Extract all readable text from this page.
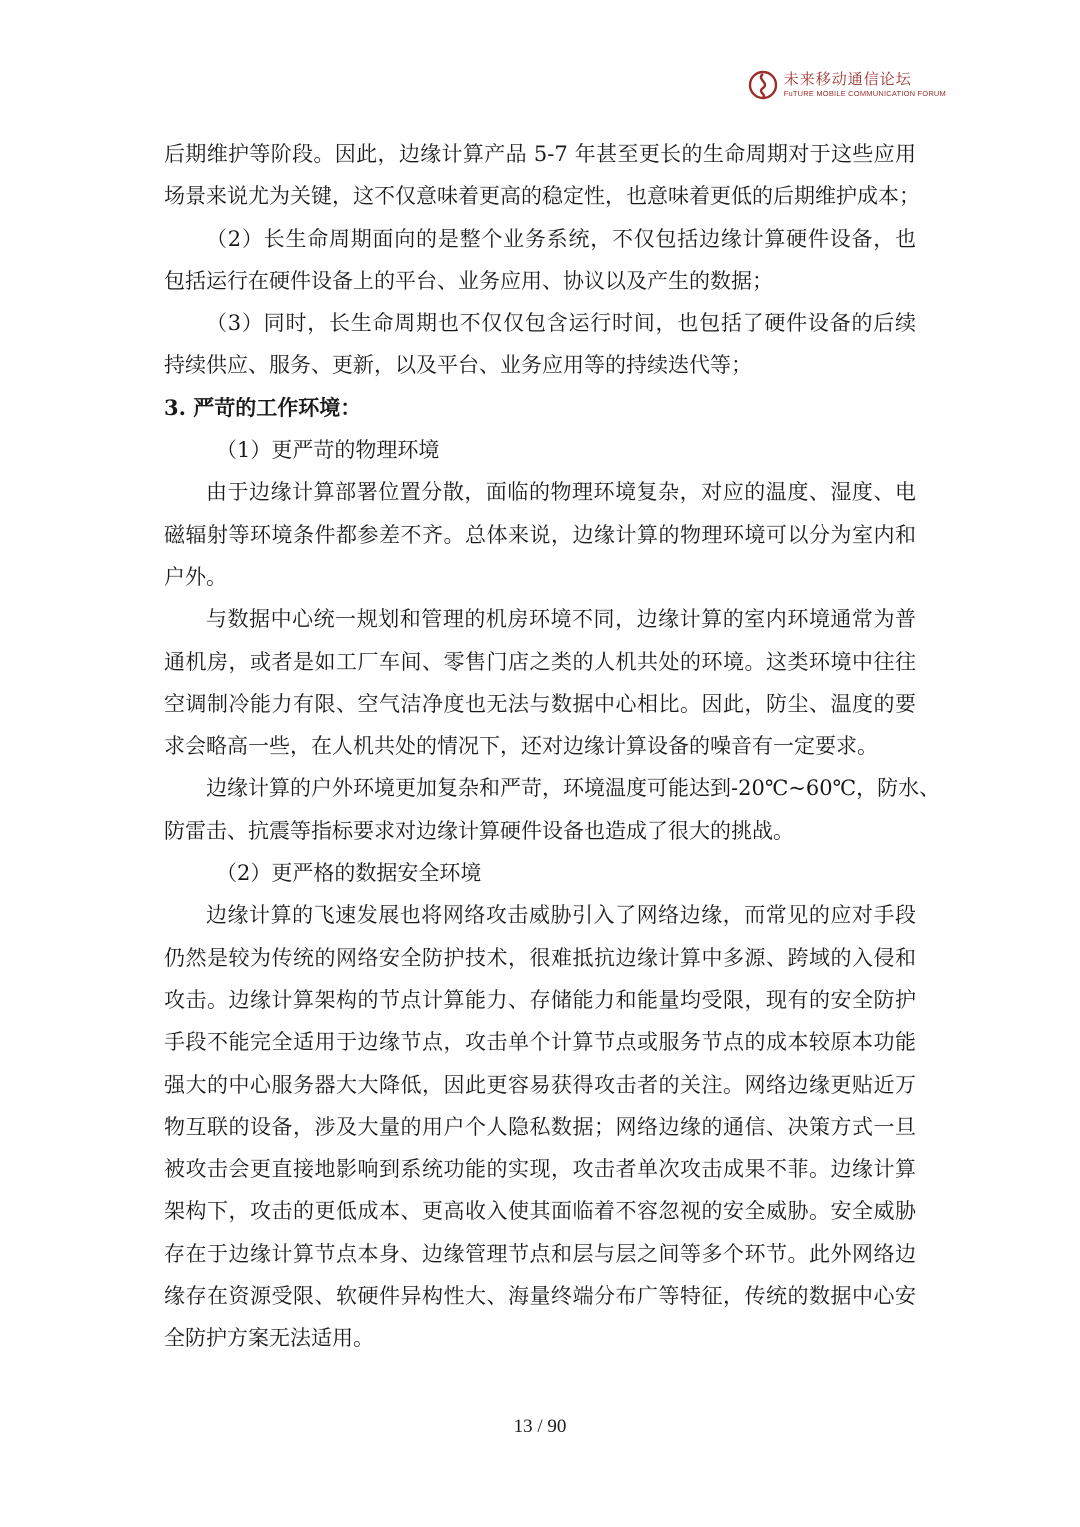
未来移动通信论坛
FuTURE MOBILE COMMUNICATION FORUM

后期维护等阶段。因此，边缘计算产品 5-7 年甚至更长的生命周期对于这些应用

场景来说尤为关键，这不仅意味着更高的稳定性，也意味着更低的后期维护成本；

（2）长生命周期面向的是整个业务系统，不仅包括边缘计算硬件设备，也

包括运行在硬件设备上的平台、业务应用、协议以及产生的数据；

（3）同时，长生命周期也不仅仅包含运行时间，也包括了硬件设备的后续

持续供应、服务、更新，以及平台、业务应用等的持续迭代等；

3. 严苛的工作环境：

（1）更严苛的物理环境

由于边缘计算部署位置分散，面临的物理环境复杂，对应的温度、湿度、电

磁辐射等环境条件都参差不齐。总体来说，边缘计算的物理环境可以分为室内和

户外。

与数据中心统一规划和管理的机房环境不同，边缘计算的室内环境通常为普

通机房，或者是如工厂车间、零售门店之类的人机共处的环境。这类环境中往往

空调制冷能力有限、空气洁净度也无法与数据中心相比。因此，防尘、温度的要

求会略高一些，在人机共处的情况下，还对边缘计算设备的噪音有一定要求。

边缘计算的户外环境更加复杂和严苛，环境温度可能达到-20℃~60℃，防水、

防雷击、抗震等指标要求对边缘计算硬件设备也造成了很大的挑战。

（2）更严格的数据安全环境

边缘计算的飞速发展也将网络攻击威胁引入了网络边缘，而常见的应对手段

仍然是较为传统的网络安全防护技术，很难抵抗边缘计算中多源、跨域的入侵和

攻击。边缘计算架构的节点计算能力、存储能力和能量均受限，现有的安全防护

手段不能完全适用于边缘节点，攻击单个计算节点或服务节点的成本较原本功能

强大的中心服务器大大降低，因此更容易获得攻击者的关注。网络边缘更贴近万

物互联的设备，涉及大量的用户个人隐私数据；网络边缘的通信、决策方式一旦

被攻击会更直接地影响到系统功能的实现，攻击者单次攻击成果不菲。边缘计算

架构下，攻击的更低成本、更高收入使其面临着不容忽视的安全威胁。安全威胁

存在于边缘计算节点本身、边缘管理节点和层与层之间等多个环节。此外网络边

缘存在资源受限、软硬件异构性大、海量终端分布广等特征，传统的数据中心安

全防护方案无法适用。

13 / 90
